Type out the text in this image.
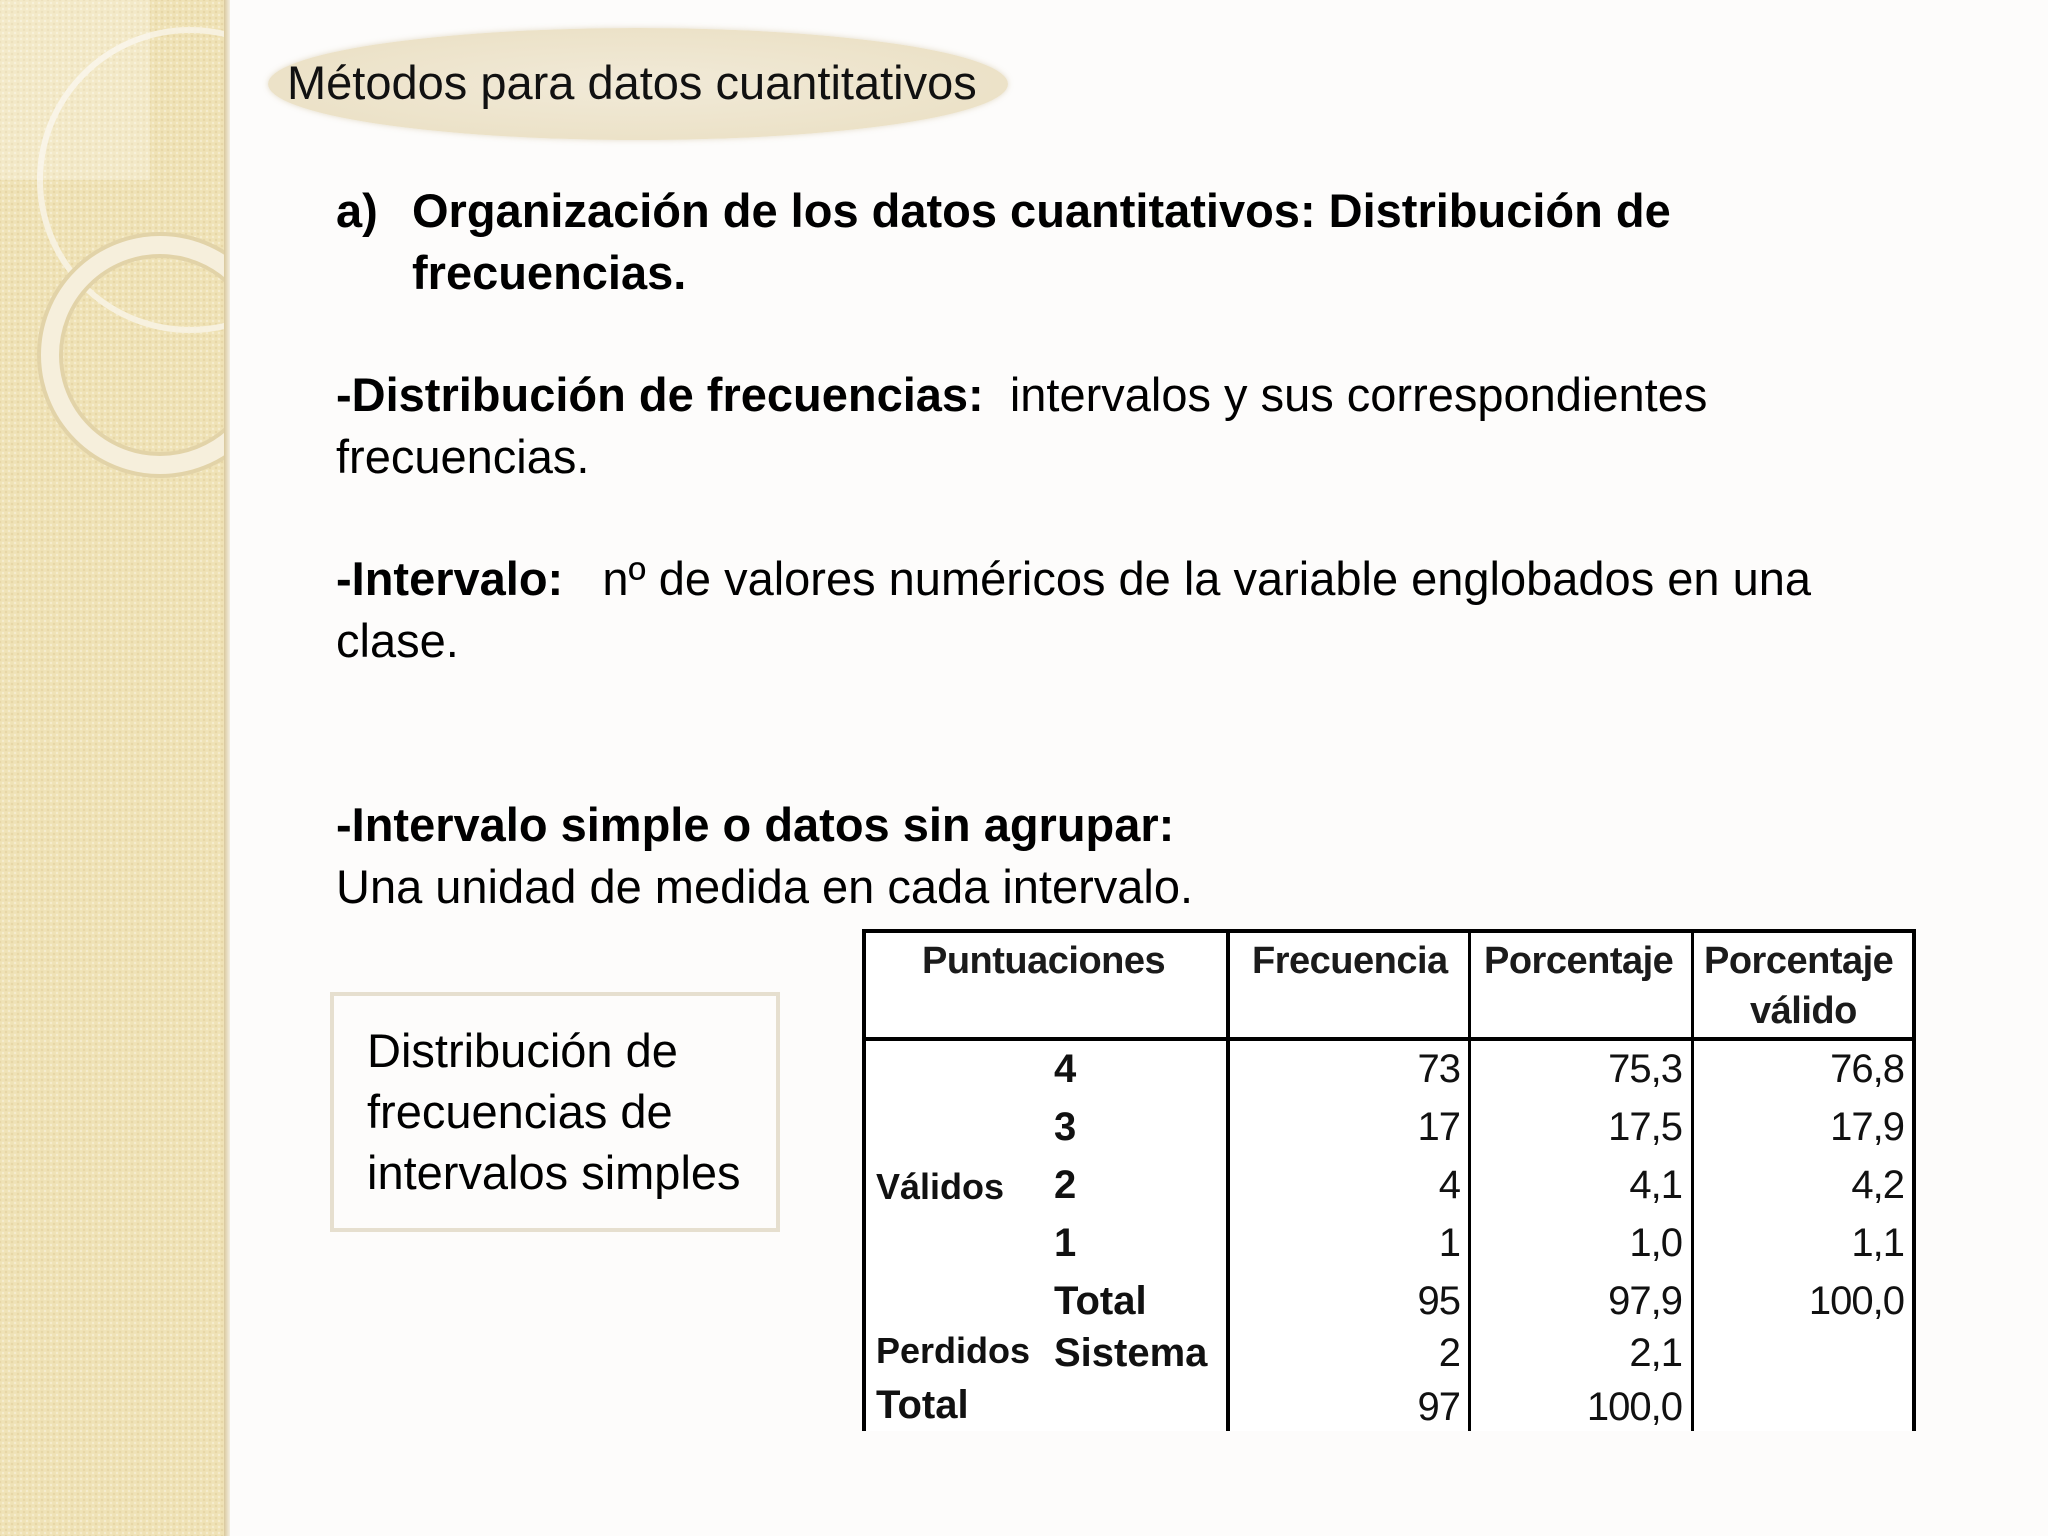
Métodos para datos cuantitativos
a) Organización de los datos cuantitativos: Distribución de
frecuencias.
-Distribución de frecuencias: intervalos y sus correspondientes
frecuencias.
-Intervalo: nº de valores numéricos de la variable englobados en una
clase.
-Intervalo simple o datos sin agrupar:
Una unidad de medida en cada intervalo.
Distribución de
frecuencias de
intervalos simples
Puntuaciones Frecuencia Porcentaje Porcentaje
válido
Válidos
Perdidos
Total
4
3
2
1
Total
Sistema
73
17
4
1
95
2
97
75,3
17,5
4,1
1,0
97,9
2,1
100,0
76,8
17,9
4,2
1,1
100,0
